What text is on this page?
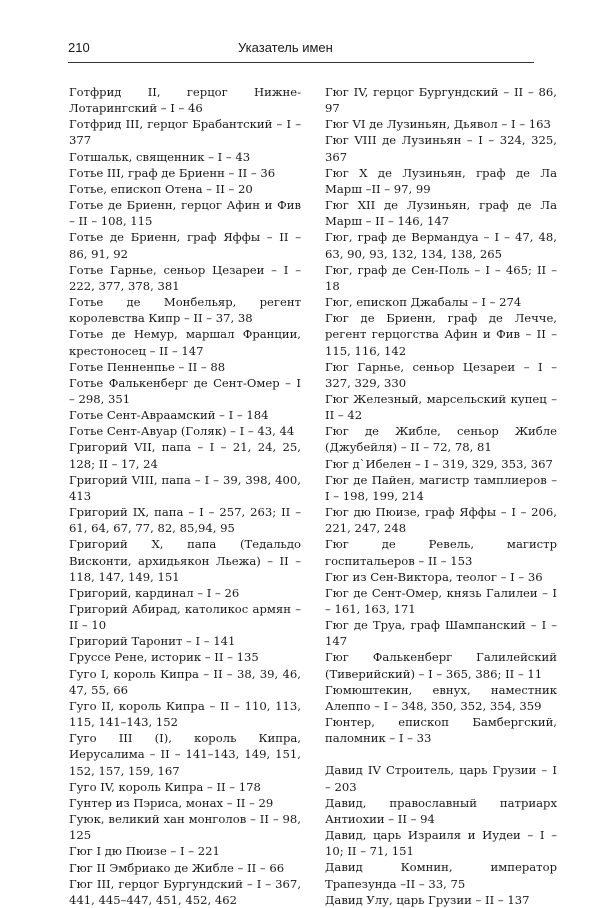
210	Указатель имен

Готфрид II, герцог Нижне-Лотарингский – I – 46

Готфрид III, герцог Брабантский – I – 377

Готшальк, священник – I – 43

Готье III, граф де Бриенн – II – 36

Готье, епископ Отена – II – 20

Готье де Бриенн, герцог Афин и Фив – II – 108, 115

Готье де Бриенн, граф Яффы – II – 86, 91, 92

Готье Гарнье, сеньор Цезареи – I – 222, 377, 378, 381

Готье де Монбельяр, регент королевства Кипр – II – 37, 38

Готье де Немур, маршал Франции, крестоносец – II – 147

Готье Пенненпье – II – 88

Готье Фалькенберг де Сент-Омер – I – 298, 351

Готье Сент-Авраамский – I – 184

Готье Сент-Авуар (Голяк) – I – 43, 44

Григорий VII, папа – I – 21, 24, 25, 128; II – 17, 24

Григорий VIII, папа – I – 39, 398, 400, 413

Григорий IX, папа – I – 257, 263; II – 61, 64, 67, 77, 82, 85,94, 95

Григорий X, папа (Тедальдо Висконти, архидьякон Льежа) – II – 118, 147, 149, 151

Григорий, кардинал – I – 26

Григорий Абирад, католикос армян – II – 10

Григорий Таронит – I – 141

Груссе Рене, историк – II – 135

Гуго I, король Кипра – II – 38, 39, 46, 47, 55, 66

Гуго II, король Кипра – II – 110, 113, 115, 141–143, 152

Гуго III (I), король Кипра, Иерусалима – II – 141–143, 149, 151, 152, 157, 159, 167

Гуго IV, король Кипра – II – 178

Гунтер из Пэриса, монах – II – 29

Гуюк, великий хан монголов – II – 98, 125

Гюг I дю Пюизе – I – 221

Гюг II Эмбриако де Жибле – II – 66

Гюг III, герцог Бургундский – I – 367, 441, 445–447, 451, 452, 462

Гюг IV, герцог Бургундский – II – 86, 97

Гюг VI де Лузиньян, Дьявол – I – 163

Гюг VIII де Лузиньян – I – 324, 325, 367

Гюг X де Лузиньян, граф де Ла Марш –II – 97, 99

Гюг XII де Лузиньян, граф де Ла Марш – II – 146, 147

Гюг, граф де Вермандуа – I – 47, 48, 63, 90, 93, 132, 134, 138, 265

Гюг, граф де Сен-Поль – I – 465; II – 18

Гюг, епископ Джабалы – I – 274

Гюг де Бриенн, граф де Лечче, регент герцогства Афин и Фив – II – 115, 116, 142

Гюг Гарнье, сеньор Цезареи – I – 327, 329, 330

Гюг Железный, марсельский купец – II – 42

Гюг де Жибле, сеньор Жибле (Джубейля) – II – 72, 78, 81

Гюг д`Ибелен – I – 319, 329, 353, 367

Гюг де Пайен, магистр тамплиеров – I – 198, 199, 214

Гюг дю Пюизе, граф Яффы – I – 206, 221, 247, 248

Гюг де Ревель, магистр госпитальеров – II – 153

Гюг из Сен-Виктора, теолог – I – 36

Гюг де Сент-Омер, князь Галилеи – I – 161, 163, 171

Гюг де Труа, граф Шампанский – I – 147

Гюг Фалькенберг Галилейский (Тиверийский) – I – 365, 386; II – 11

Гюмюштекин, евнух, наместник Алеппо – I – 348, 350, 352, 354, 359

Гюнтер, епископ Бамбергский, паломник – I – 33

Давид IV Строитель, царь Грузии – I – 203

Давид, православный патриарх Антиохии – II – 94

Давид, царь Израиля и Иудеи – I – 10; II – 71, 151

Давид Комнин, император Трапезунда –II – 33, 75

Давид Улу, царь Грузии – II – 137
